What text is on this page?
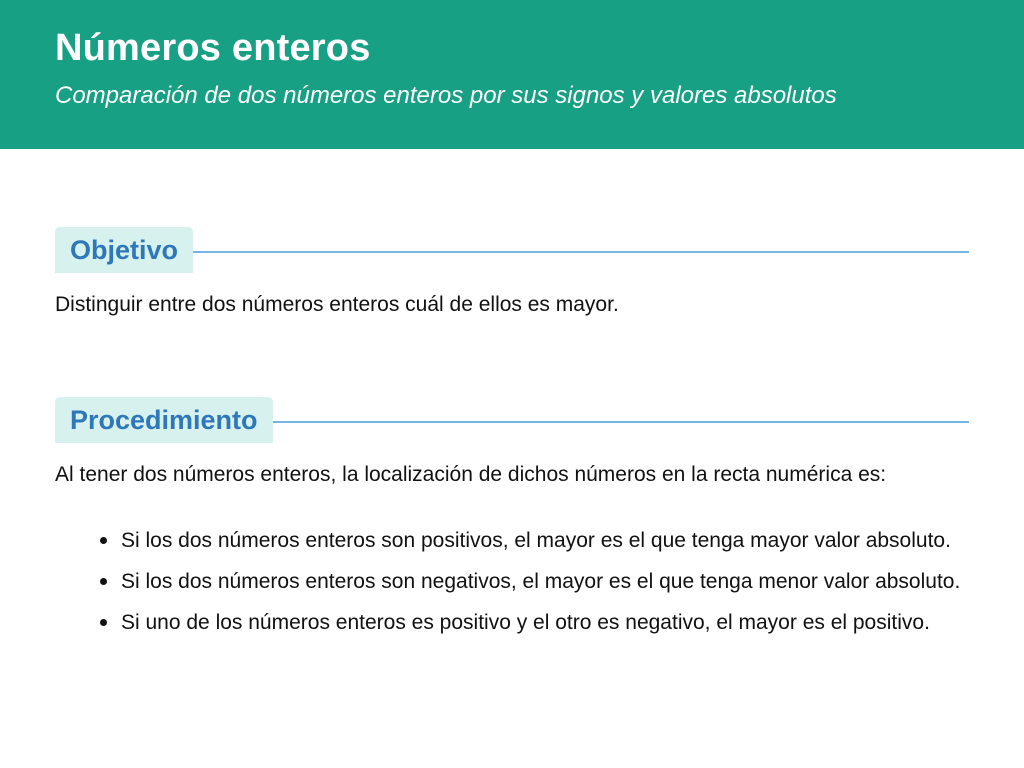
Números enteros

Comparación de dos números enteros por sus signos y valores absolutos

Objetivo

Distinguir entre dos números enteros cuál de ellos es mayor.

Procedimiento

Al tener dos números enteros, la localización de dichos números en la recta numérica es:

Si los dos números enteros son positivos, el mayor es el que tenga mayor valor absoluto.
Si los dos números enteros son negativos, el mayor es el que tenga menor valor absoluto.
Si uno de los números enteros es positivo y el otro es negativo, el mayor es el positivo.
